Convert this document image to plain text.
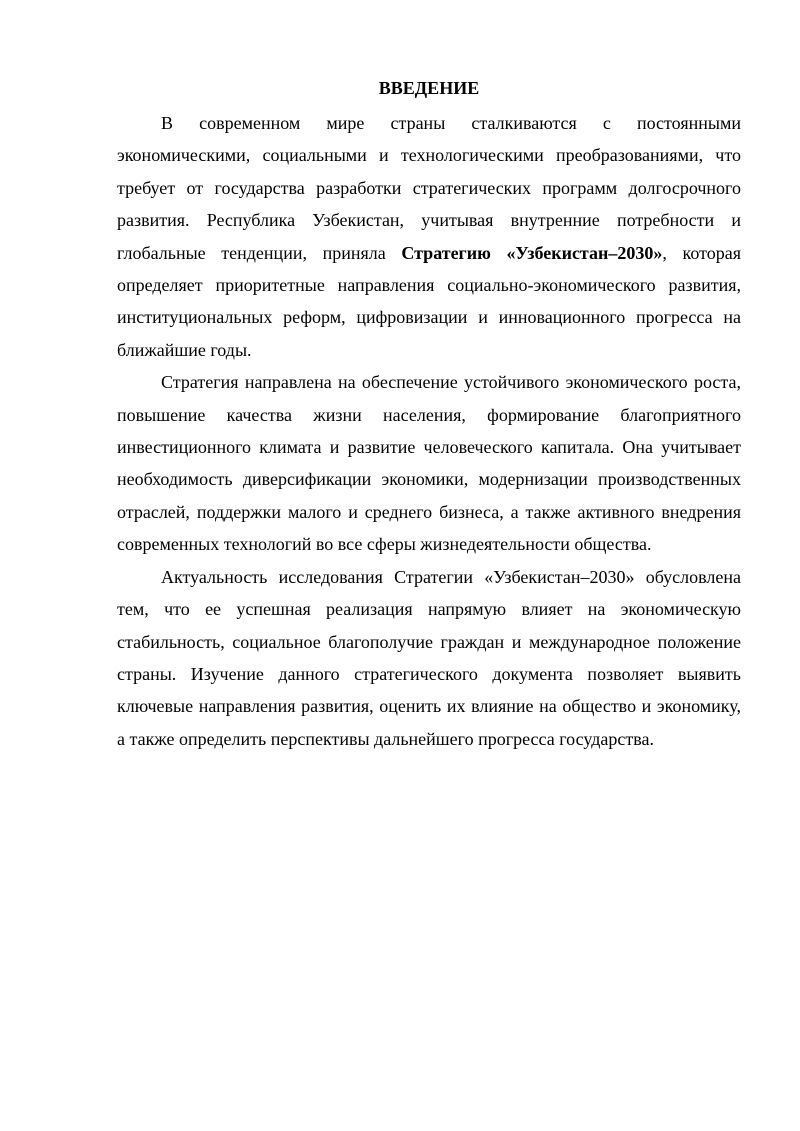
ВВЕДЕНИЕ

В современном мире страны сталкиваются с постоянными экономическими, социальными и технологическими преобразованиями, что требует от государства разработки стратегических программ долгосрочного развития. Республика Узбекистан, учитывая внутренние потребности и глобальные тенденции, приняла Стратегию «Узбекистан–2030», которая определяет приоритетные направления социально-экономического развития, институциональных реформ, цифровизации и инновационного прогресса на ближайшие годы.

Стратегия направлена на обеспечение устойчивого экономического роста, повышение качества жизни населения, формирование благоприятного инвестиционного климата и развитие человеческого капитала. Она учитывает необходимость диверсификации экономики, модернизации производственных отраслей, поддержки малого и среднего бизнеса, а также активного внедрения современных технологий во все сферы жизнедеятельности общества.

Актуальность исследования Стратегии «Узбекистан–2030» обусловлена тем, что ее успешная реализация напрямую влияет на экономическую стабильность, социальное благополучие граждан и международное положение страны. Изучение данного стратегического документа позволяет выявить ключевые направления развития, оценить их влияние на общество и экономику, а также определить перспективы дальнейшего прогресса государства.
